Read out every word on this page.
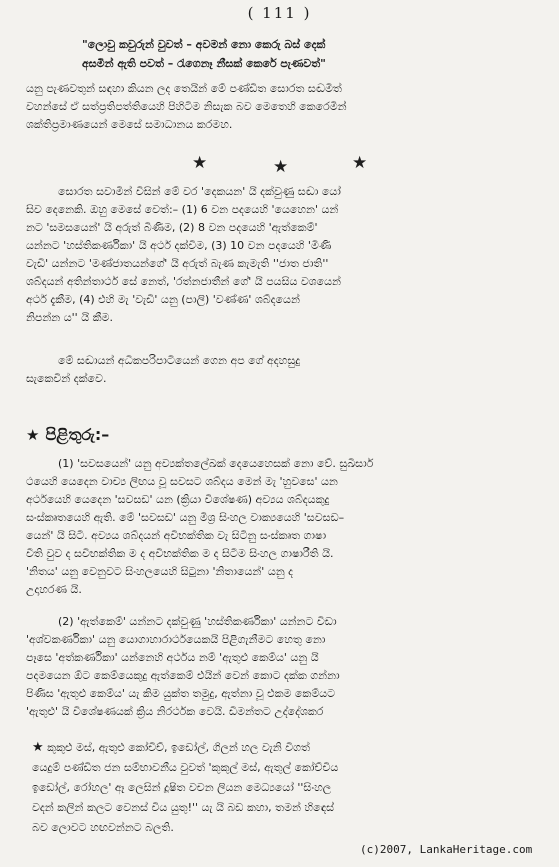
( 111 )
"ලොවු කවුරුන් වුවත් – අවමන් නො කෙරු බස් දෙක්
අසමින් ඇති පවත් – රැගෙනෑ නීසක් කෙරේ පැණවත්"
යනු පැණවතුන් සඳහා කියන ලද තෙයින් මේ පණ්ඩිත සොරත සඬමිත්
වහන්සේ ඒ සත්ප්‍රතිපත්තියෙහි පිහිටීම නිසැක බව මෙතෙහි කෙරෙමින්
ශක්තිප්‍රමාණයෙන් මෙසේ සමාධානය කරමහ.
★	★	★
සොරත සවාමින් විසින් මේ වර 'දෙකයන' යි දක්වුණු සඬා යෝ
සිව දෙනෙකි. ඔහු මෙසේ වෙත්:– (1) 6 වන පදයෙහි 'යෙහෙන' යන්
නට 'සමසයෙන්' යි අරුත් බිණිම, (2) 8 වන පදයෙහි 'ඇත්කෙම්'
යන්නට 'හස්තිකර්ණිකා' යි අර්ථ දක්වීම, (3) 10 වන පදයෙහි 'මිණි
වැඩි' යන්නට 'මණ්ජාතයන්ගේ' යි අරුත් බැණ කැමැති ''ජාත ජාති''
ශබ්දයන් අතින්තාර්ථ සේ නෙත්, 'රත්නජාතීන් ගේ' යි පයසිය වශයෙන්
අර්ථ දැකීම, (4) එහි මැ 'වැඩි' යනු (පාලි) 'වණ්ණ' ශබ්දයෙන්
නිපන්න ය'' යි කීම.
මේ සඬායන් අධිකපරිපාටියෙන් ගෙන අප ගේ අදහසුදු
සැකෙවින් දක්වෙ.
★ පිළිතුරු:–
(1) 'සවසයෙන්' යනු අව්‍යක්තලේඛක් දෙයෙහෙසක් නො වේ. සුඛිසාර්
ථයෙහි යෙදෙන වාච්‍ය ලිඟය වූ සවසට ශබ්දය මෙන් මැ 'හුවසෙ' යන
අර්ථයෙහි යෙදෙන 'සවසඩ' යන (ක්‍රියා විශේෂණ) අව්‍යය ශබ්දයකුදු
සංස්කෘතයෙහි ඇති. මේ 'සවසඩ' යනු මිශ්‍ර සිංහල වාක්‍යයෙහි 'සවසඩ–
යෙන්' යි සිටී. අව්‍යය ශබ්දයන් අවිභක්තික වැ සිටිනු සංස්කෘත ගාෂා
වීති වුව ද සවිභක්තික ම ද අවිභක්තික ම ද සිටීම සිංහල ගාෂාරීති යි.
'නිතය' යනු වෙනුවට සිංහලයෙහි සිටුනා 'නිතායෙන්' යනු ද
උදාහරණ යි.
(2) 'ඇත්කෙම්' යන්නට දක්වුණු 'හස්තිකර්ණිකා' යන්නට විඩා
'අශ්වකර්ණිකා' යනු යොගාහාරාර්ථයෙකයි පිළිගැනීමට හෙතු නො
පෑසෙ 'අත්කර්ණිකා' යන්නෙහි අර්ථය නම් 'ඇතුළු කෙම්ය' යනු යි
පදමයෙන ඕට කෙම්යෙකුදු ඇත්කෙම් එයින් වෙන් කොට දක්ක ගන්නා
පිණිස 'ඇතුළු කෙම්ය' යැ කිම යුක්ත තමුදු, ඇත්නා වූ එකම කෙම්යට
'ඇතුළු' යි විශේෂණයක් ක්‍රිය නිරර්ථක වෙයි. ඩීමන්තට උද්දේශකර
★ කුකුළු මස්, ඇතුළු කෝචිච්, ඉඩෝල්, ගිලන් හල වැනි විගත්
යෙදුම් පණ්ඩිත ජන සම්භාවනීය වුවත් 'කුකුල් මස්, ඇතුල් කෝච්චිය
ඉඩෝල්, රෝහල' ඈ ලෙසින් දූෂිත වචන ලියන මෙධ්‍යයෝ ''සිංහල
වදන් කලින් කලට වෙනස් විය යුතු!'' යැ යි බඩ කහා, තමන් හිඳෙස්
බව ලොවට හඟවන්නට බලති.
(c)2007, LankaHeritage.com
